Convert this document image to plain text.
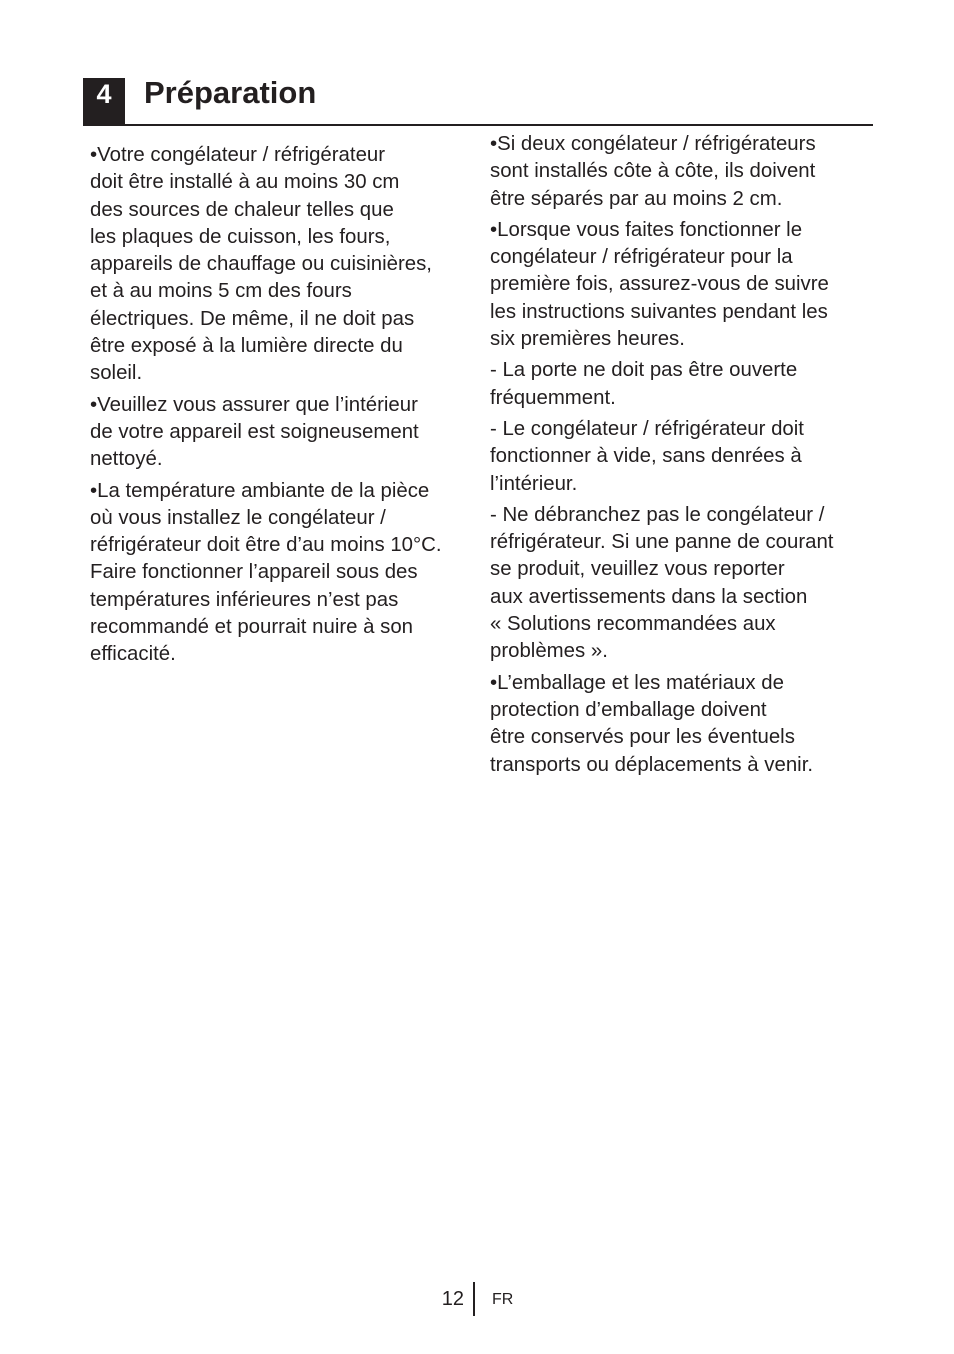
4	Préparation

•Votre congélateur / réfrigérateur
doit être installé à au moins 30 cm
des sources de chaleur telles que
les plaques de cuisson, les fours,
appareils de chauffage ou cuisinières,
et à au moins 5 cm des fours
électriques. De même, il ne doit pas
être exposé à la lumière directe du
soleil.

•Veuillez vous assurer que l’intérieur
de votre appareil est soigneusement
nettoyé.

•La température ambiante de la pièce
où vous installez le congélateur /
réfrigérateur doit être d’au moins 10°C.
Faire fonctionner l’appareil sous des
températures inférieures n’est pas
recommandé et pourrait nuire à son
efficacité.

•Si deux congélateur / réfrigérateurs
sont installés côte à côte, ils doivent
être séparés par au moins 2 cm.

•Lorsque vous faites fonctionner le
congélateur / réfrigérateur pour la
première fois, assurez-vous de suivre
les instructions suivantes pendant les
six premières heures.

- La porte ne doit pas être ouverte
fréquemment.

- Le congélateur / réfrigérateur doit
fonctionner à vide, sans denrées à
l’intérieur.

- Ne débranchez pas le congélateur /
réfrigérateur. Si une panne de courant
se produit, veuillez vous reporter
aux avertissements dans la section
« Solutions recommandées aux
problèmes ».

•L’emballage et les matériaux de
protection d’emballage doivent
être conservés pour les éventuels
transports ou déplacements à venir.

12 FR
